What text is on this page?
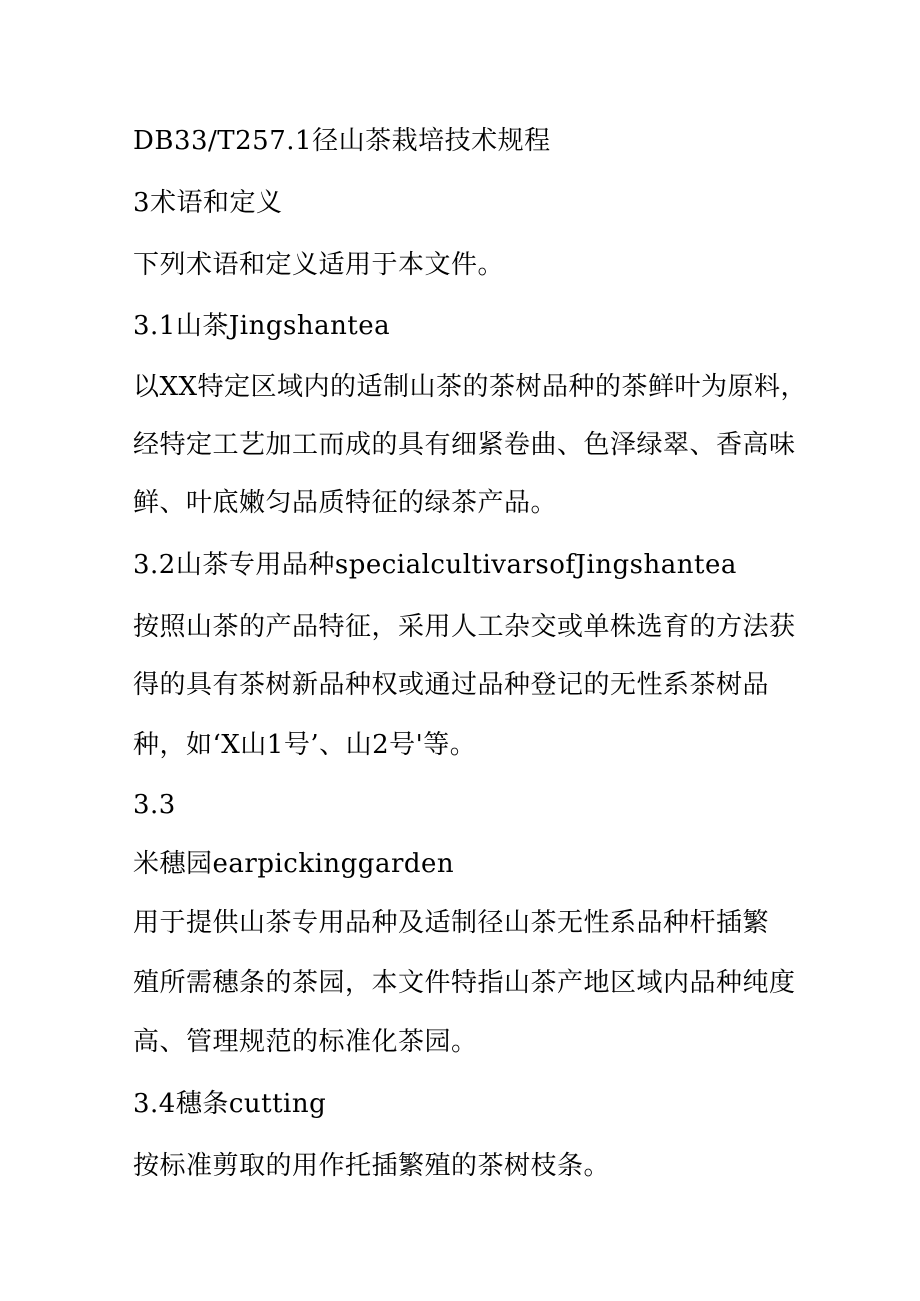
DB33/T257.1径山茶栽培技术规程
3术语和定义
下列术语和定义适用于本文件。
3.1山茶Jingshantea
以XX特定区域内的适制山茶的茶树品种的茶鲜叶为原料，
经特定工艺加工而成的具有细紧卷曲、色泽绿翠、香高味
鲜、叶底嫩匀品质特征的绿茶产品。
3.2山茶专用品种specialcultivarsofJingshantea
按照山茶的产品特征，采用人工杂交或单株选育的方法获
得的具有茶树新品种权或通过品种登记的无性系茶树品
种，如‘X山1号’、山2号'等。
3.3
米穗园earpickinggarden
用于提供山茶专用品种及适制径山茶无性系品种杆插繁
殖所需穗条的茶园，本文件特指山茶产地区域内品种纯度
高、管理规范的标准化茶园。
3.4穗条cutting
按标准剪取的用作托插繁殖的茶树枝条。
